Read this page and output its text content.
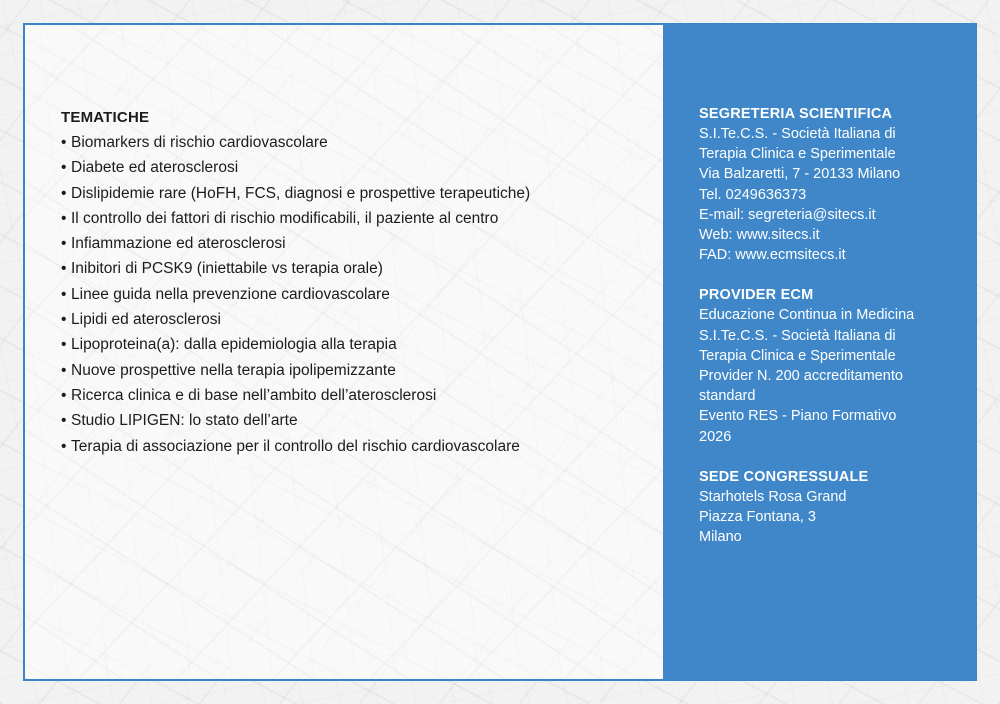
TEMATICHE
• Biomarkers di rischio cardiovascolare
• Diabete ed aterosclerosi
• Dislipidemie rare (HoFH, FCS, diagnosi e prospettive terapeutiche)
• Il controllo dei fattori di rischio modificabili, il paziente al centro
• Infiammazione ed aterosclerosi
• Inibitori di PCSK9 (iniettabile vs terapia orale)
• Linee guida nella prevenzione cardiovascolare
• Lipidi ed aterosclerosi
• Lipoproteina(a): dalla epidemiologia alla terapia
• Nuove prospettive nella terapia ipolipemizzante
• Ricerca clinica e di base nell’ambito dell’aterosclerosi
• Studio LIPIGEN: lo stato dell’arte
• Terapia di associazione per il controllo del rischio cardiovascolare
SEGRETERIA SCIENTIFICA
S.I.Te.C.S. - Società Italiana di
Terapia Clinica e Sperimentale
Via Balzaretti, 7 - 20133 Milano
Tel. 0249636373
E-mail: segreteria@sitecs.it
Web: www.sitecs.it
FAD: www.ecmsitecs.it
PROVIDER ECM
Educazione Continua in Medicina
S.I.Te.C.S. - Società Italiana di
Terapia Clinica e Sperimentale
Provider N. 200 accreditamento
standard
Evento RES - Piano Formativo
2026
SEDE CONGRESSUALE
Starhotels Rosa Grand
Piazza Fontana, 3
Milano
